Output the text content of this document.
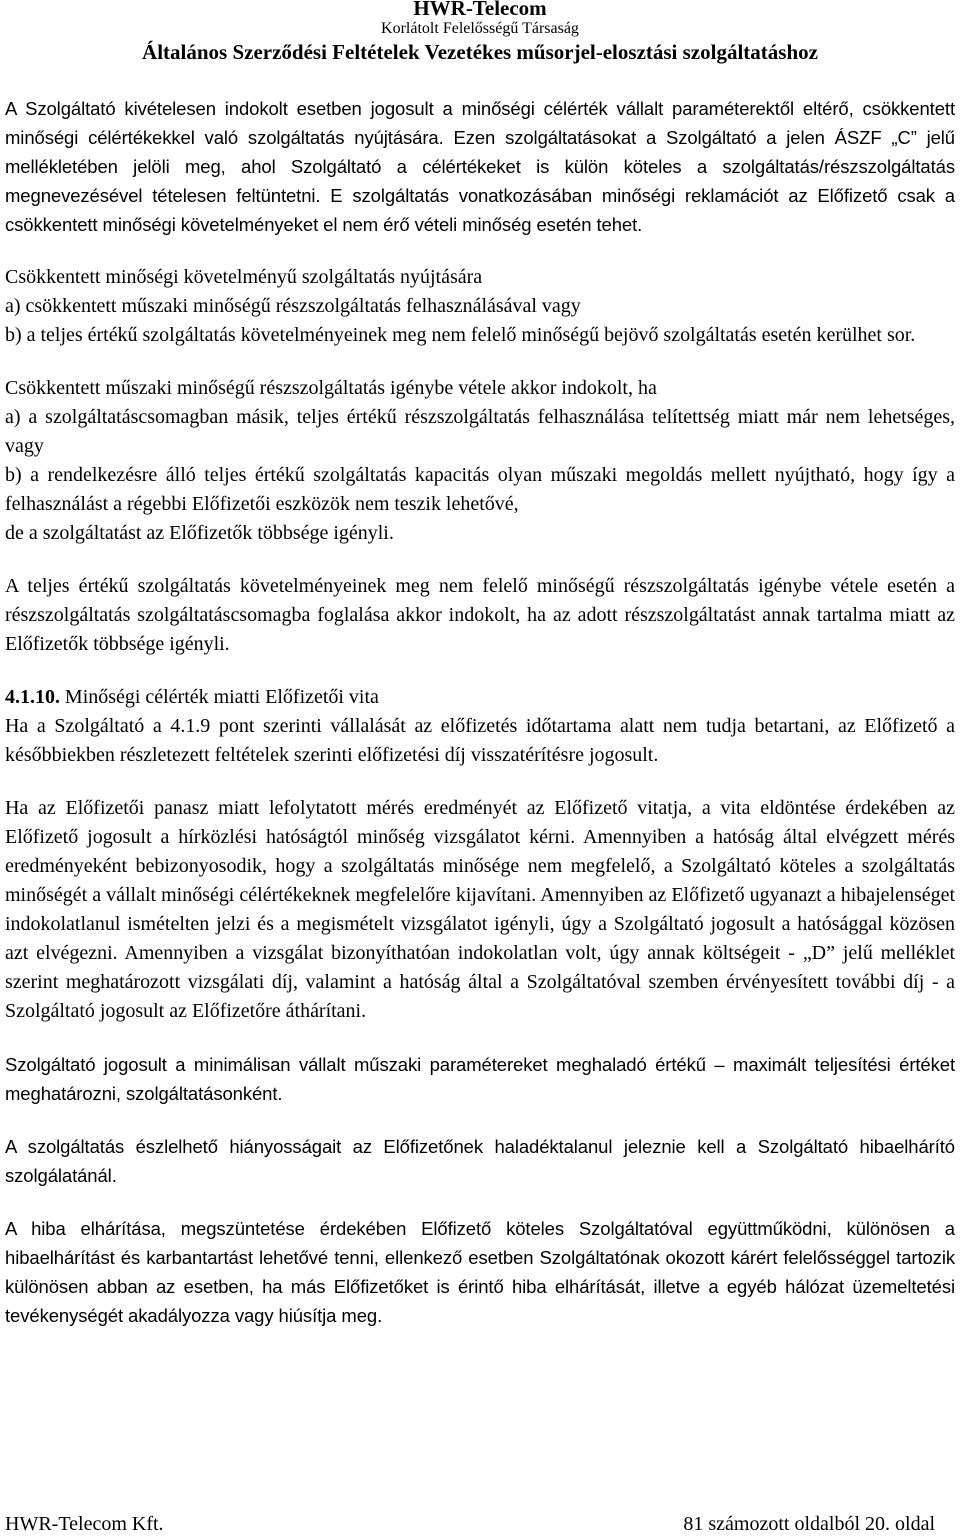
HWR-Telecom
Korlátolt Felelősségű Társaság
Általános Szerződési Feltételek Vezetékes műsorjel-elosztási szolgáltatáshoz

A Szolgáltató kivételesen indokolt esetben jogosult a minőségi célérték vállalt paraméterektől eltérő, csökkentett minőségi célértékekkel való szolgáltatás nyújtására. Ezen szolgáltatásokat a Szolgáltató a jelen ÁSZF „C” jelű mellékletében jelöli meg, ahol Szolgáltató a célértékeket is külön köteles a szolgáltatás/részszolgáltatás megnevezésével tételesen feltüntetni. E szolgáltatás vonatkozásában minőségi reklamációt az Előfizető csak a csökkentett minőségi követelményeket el nem érő vételi minőség esetén tehet.

Csökkentett minőségi követelményű szolgáltatás nyújtására
a) csökkentett műszaki minőségű részszolgáltatás felhasználásával vagy
b) a teljes értékű szolgáltatás követelményeinek meg nem felelő minőségű bejövő szolgáltatás esetén kerülhet sor.
Csökkentett műszaki minőségű részszolgáltatás igénybe vétele akkor indokolt, ha
a) a szolgáltatáscsomagban másik, teljes értékű részszolgáltatás felhasználása telítettség miatt már nem lehetséges, vagy
b) a rendelkezésre álló teljes értékű szolgáltatás kapacitás olyan műszaki megoldás mellett nyújtható, hogy így a felhasználást a régebbi Előfizetői eszközök nem teszik lehetővé,
de a szolgáltatást az Előfizetők többsége igényli.

A teljes értékű szolgáltatás követelményeinek meg nem felelő minőségű részszolgáltatás igénybe vétele esetén a részszolgáltatás szolgáltatáscsomagba foglalása akkor indokolt, ha az adott részszolgáltatást annak tartalma miatt az Előfizetők többsége igényli.

4.1.10. Minőségi célérték miatti Előfizetői vita
Ha a Szolgáltató a 4.1.9 pont szerinti vállalását az előfizetés időtartama alatt nem tudja betartani, az Előfizető a későbbiekben részletezett feltételek szerinti előfizetési díj visszatérítésre jogosult.

Ha az Előfizetői panasz miatt lefolytatott mérés eredményét az Előfizető vitatja, a vita eldöntése érdekében az Előfizető jogosult a hírközlési hatóságtól minőség vizsgálatot kérni. Amennyiben a hatóság által elvégzett mérés eredményeként bebizonyosodik, hogy a szolgáltatás minősége nem megfelelő, a Szolgáltató köteles a szolgáltatás minőségét a vállalt minőségi célértékeknek megfelelőre kijavítani. Amennyiben az Előfizető ugyanazt a hibajelenséget indokolatlanul ismételten jelzi és a megismételt vizsgálatot igényli, úgy a Szolgáltató jogosult a hatósággal közösen azt elvégezni. Amennyiben a vizsgálat bizonyíthatóan indokolatlan volt, úgy annak költségeit - „D” jelű melléklet szerint meghatározott vizsgálati díj, valamint a hatóság által a Szolgáltatóval szemben érvényesített további díj - a Szolgáltató jogosult az Előfizetőre áthárítani.

Szolgáltató jogosult a minimálisan vállalt műszaki paramétereket meghaladó értékű – maximált teljesítési értéket meghatározni, szolgáltatásonként.

A szolgáltatás észlelhető hiányosságait az Előfizetőnek haladéktalanul jeleznie kell a Szolgáltató hibaelhárító szolgálatánál.

A hiba elhárítása, megszüntetése érdekében Előfizető köteles Szolgáltatóval együttműködni, különösen a hibaelhárítást és karbantartást lehetővé tenni, ellenkező esetben Szolgáltatónak okozott kárért felelősséggel tartozik különösen abban az esetben, ha más Előfizetőket is érintő hiba elhárítását, illetve a egyéb hálózat üzemeltetési tevékenységét akadályozza vagy hiúsítja meg.

HWR-Telecom Kft.	81 számozott oldalból 20. oldal
